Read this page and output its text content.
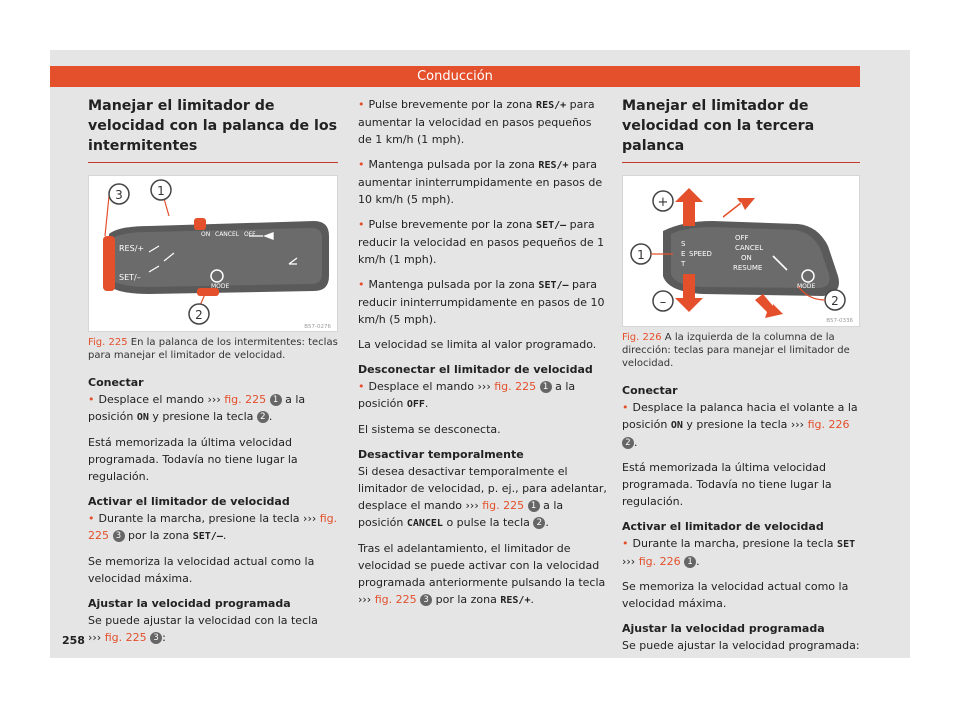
Conducción
Manejar el limitador de velocidad con la palanca de los intermitentes
RES/+
SET/–
ON CANCEL OFF
MODE
1
3
2
B57-0276
Fig. 225 En la palanca de los intermitentes: teclas para manejar el limitador de velocidad.

Conectar

• Desplace el mando ››› fig. 225 1 a la posición ON y presione la tecla 2 .

Está memorizada la última velocidad programada. Todavía no tiene lugar la regulación.

Activar el limitador de velocidad

• Durante la marcha, presione la tecla ››› fig. 225 3 por la zona SET/–.

Se memoriza la velocidad actual como la velocidad máxima.

Ajustar la velocidad programada

Se puede ajustar la velocidad con la tecla
››› fig. 225 3 :

• Pulse brevemente por la zona RES/+ para aumentar la velocidad en pasos pequeños de 1 km/h (1 mph).

• Mantenga pulsada por la zona RES/+ para aumentar ininterrumpidamente en pasos de 10 km/h (5 mph).

• Pulse brevemente por la zona SET/– para reducir la velocidad en pasos pequeños de 1 km/h (1 mph).

• Mantenga pulsada por la zona SET/– para reducir ininterrumpidamente en pasos de 10 km/h (5 mph).

La velocidad se limita al valor programado.

Desconectar el limitador de velocidad

• Desplace el mando ››› fig. 225 1 a la posición OFF.

El sistema se desconecta.

Desactivar temporalmente

Si desea desactivar temporalmente el limitador de velocidad, p. ej., para adelantar, desplace el mando ››› fig. 225 1 a la posición CANCEL o pulse la tecla 2 .

Tras el adelantamiento, el limitador de velocidad se puede activar con la velocidad programada anteriormente pulsando la tecla ››› fig. 225 3 por la zona RES/+.

Manejar el limitador de velocidad con la tercera palanca
+
–
1
2
S
E
T
SPEED
OFF
CANCEL
ON
RESUME
MODE
B57-0336
Fig. 226 A la izquierda de la columna de la dirección: teclas para manejar el limitador de velocidad.

Conectar

• Desplace la palanca hacia el volante a la posición ON y presione la tecla ››› fig. 226 2 .

Está memorizada la última velocidad programada. Todavía no tiene lugar la regulación.

Activar el limitador de velocidad

• Durante la marcha, presione la tecla SET
››› fig. 226 1 .

Se memoriza la velocidad actual como la velocidad máxima.

Ajustar la velocidad programada

Se puede ajustar la velocidad programada:

258
